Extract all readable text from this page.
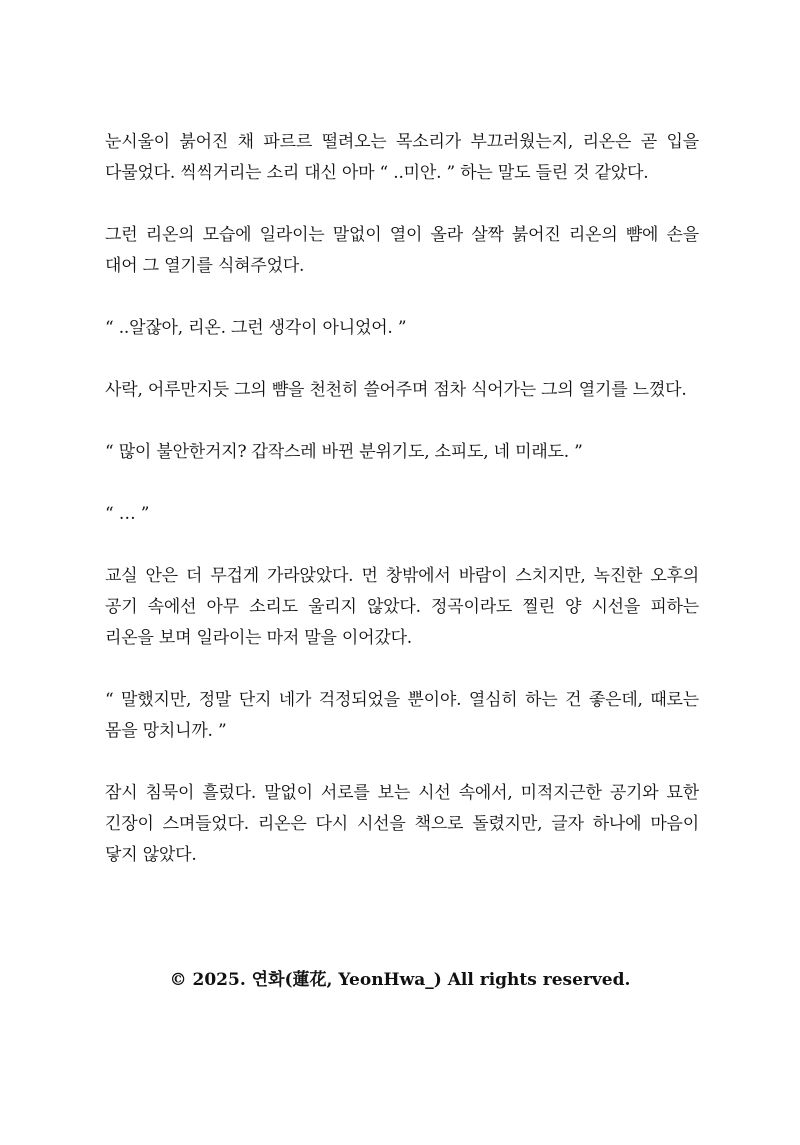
눈시울이 붉어진 채 파르르 떨려오는 목소리가 부끄러웠는지, 리온은 곧 입을 다물었다. 씩씩거리는 소리 대신 아마 “ ..미안. ” 하는 말도 들린 것 같았다.

그런 리온의 모습에 일라이는 말없이 열이 올라 살짝 붉어진 리온의 뺨에 손을 대어 그 열기를 식혀주었다.

“ ..알잖아, 리온. 그런 생각이 아니었어. ”

사락, 어루만지듯 그의 뺨을 천천히 쓸어주며 점차 식어가는 그의 열기를 느꼈다.

“ 많이 불안한거지? 갑작스레 바뀐 분위기도, 소피도, 네 미래도. ”

“ … ”

교실 안은 더 무겁게 가라앉았다. 먼 창밖에서 바람이 스치지만, 녹진한 오후의 공기 속에선 아무 소리도 울리지 않았다. 정곡이라도 찔린 양 시선을 피하는 리온을 보며 일라이는 마저 말을 이어갔다.

“ 말했지만, 정말 단지 네가 걱정되었을 뿐이야. 열심히 하는 건 좋은데, 때로는 몸을 망치니까. ”

잠시 침묵이 흘렀다. 말없이 서로를 보는 시선 속에서, 미적지근한 공기와 묘한 긴장이 스며들었다. 리온은 다시 시선을 책으로 돌렸지만, 글자 하나에 마음이 닿지 않았다.

© 2025. 연화(蓮花, YeonHwa_) All rights reserved.
